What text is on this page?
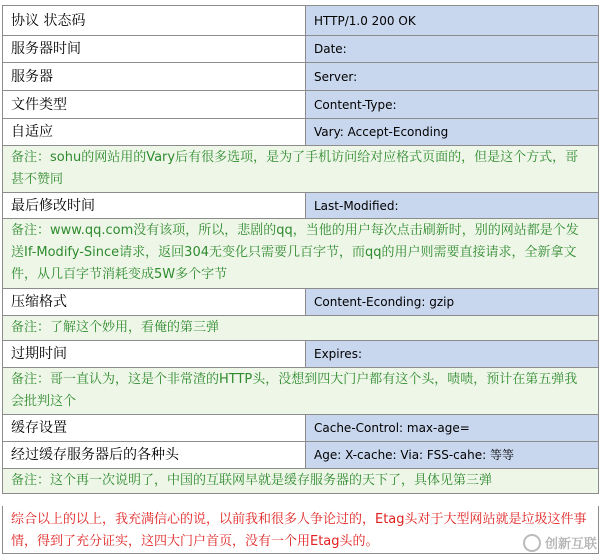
协议 状态码	HTTP/1.0 200 OK
服务器时间	Date:
服务器	Server:
文件类型	Content-Type:
自适应	Vary: Accept-Econding
备注：sohu的网站用的Vary后有很多选项，是为了手机访问给对应格式页面的，但是这个方式，哥甚不赞同
最后修改时间	Last-Modified:
备注：www.qq.com没有该项，所以，悲剧的qq，当他的用户每次点击刷新时，别的网站都是个发送If-Modify-Since请求，返回304无变化只需要几百字节，而qq的用户则需要直接请求，全新拿文件，从几百字节消耗变成5W多个字节
压缩格式	Content-Econding: gzip
备注：了解这个妙用，看俺的第三弹
过期时间	Expires:
备注：哥一直认为，这是个非常渣的HTTP头，没想到四大门户都有这个头，啧啧，预计在第五弹我会批判这个
缓存设置	Cache-Control: max-age=
经过缓存服务器后的各种头	Age: X-cache: Via: FSS-cahe: 等等
备注：这个再一次说明了，中国的互联网早就是缓存服务器的天下了，具体见第三弹
综合以上的以上，我充满信心的说，以前我和很多人争论过的，Etag头对于大型网站就是垃圾这件事情，得到了充分证实，这四大门户首页，没有一个用Etag头的。	创新互联
